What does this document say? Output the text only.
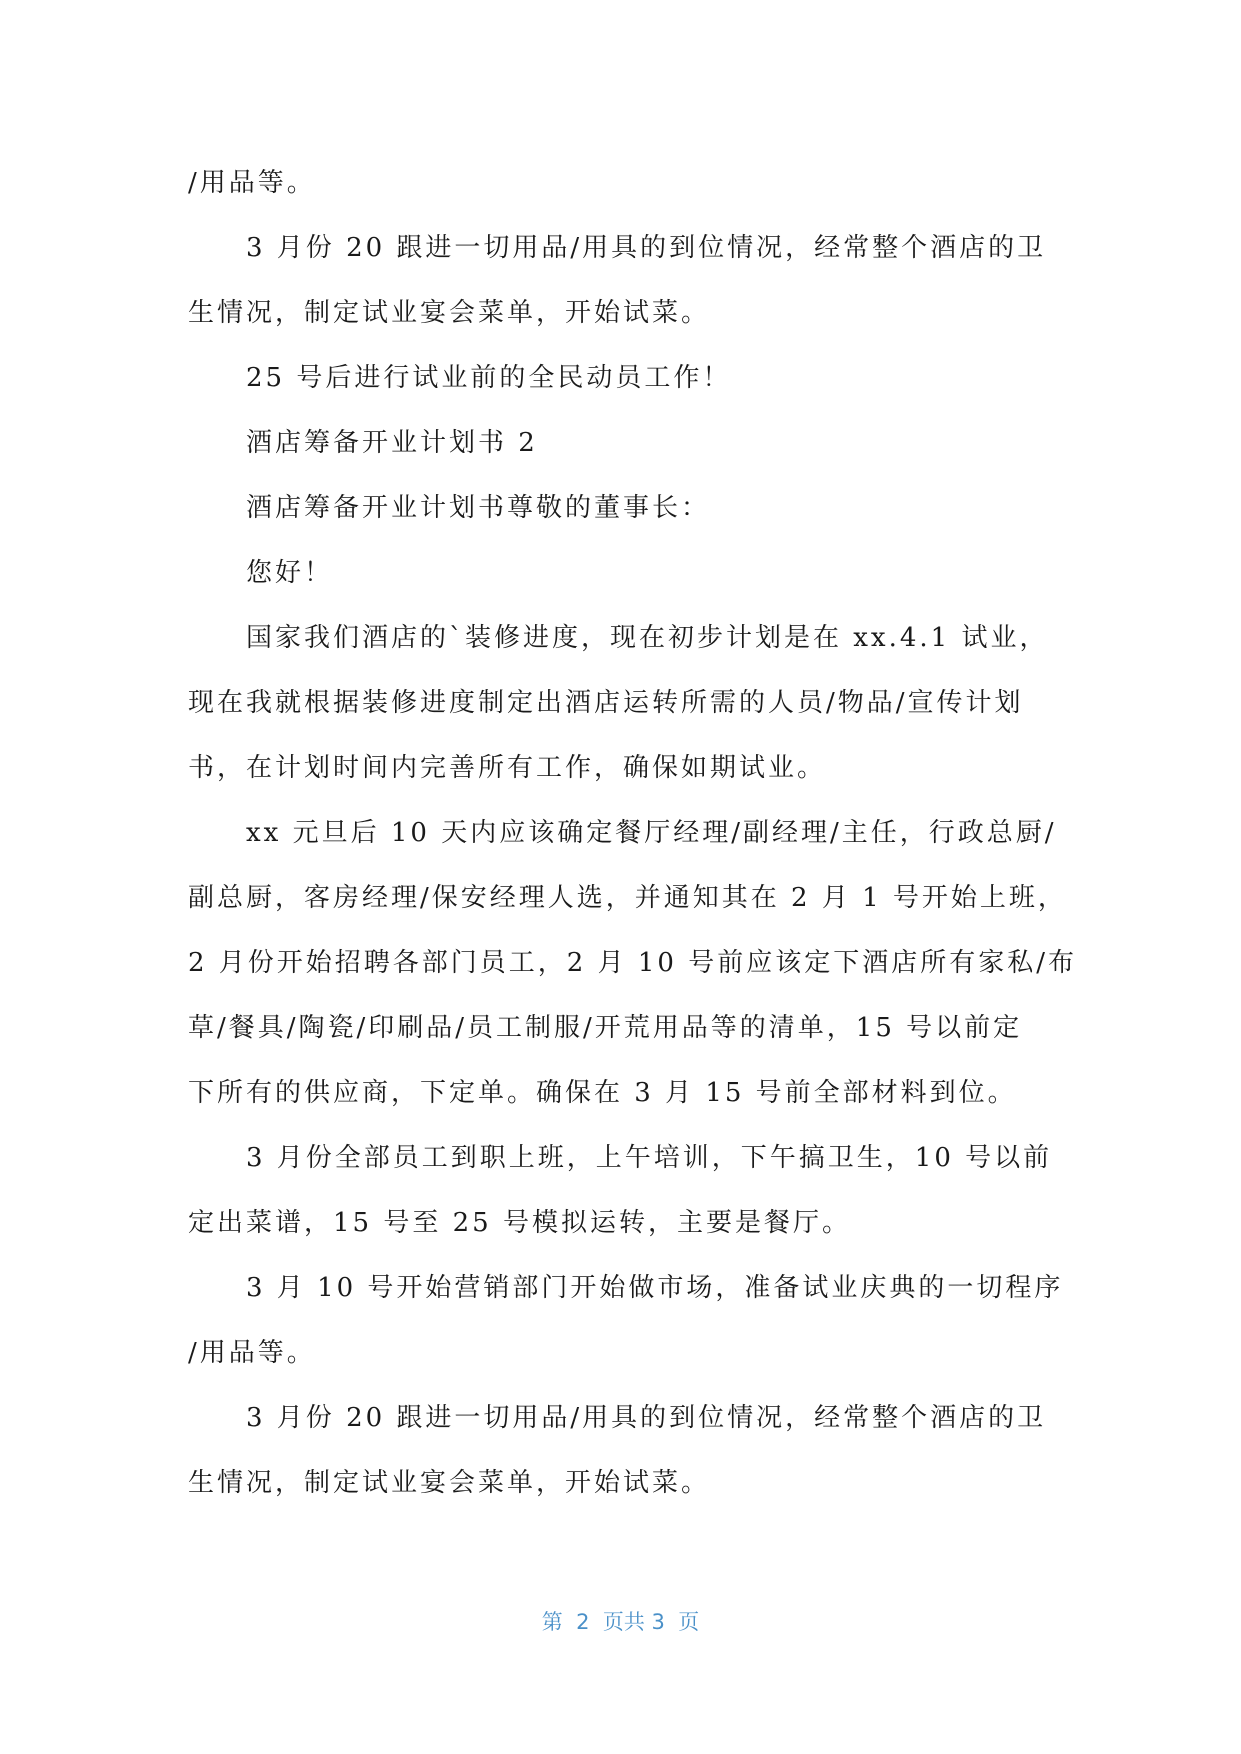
/用品等。
3 月份 20 跟进一切用品/用具的到位情况，经常整个酒店的卫
生情况，制定试业宴会菜单，开始试菜。
25 号后进行试业前的全民动员工作！
酒店筹备开业计划书 2
酒店筹备开业计划书尊敬的董事长：
您好！
国家我们酒店的`装修进度，现在初步计划是在 xx.4.1 试业，
现在我就根据装修进度制定出酒店运转所需的人员/物品/宣传计划
书，在计划时间内完善所有工作，确保如期试业。
xx 元旦后 10 天内应该确定餐厅经理/副经理/主任，行政总厨/
副总厨，客房经理/保安经理人选，并通知其在 2 月 1 号开始上班，
2 月份开始招聘各部门员工，2 月 10 号前应该定下酒店所有家私/布
草/餐具/陶瓷/印刷品/员工制服/开荒用品等的清单，15 号以前定
下所有的供应商，下定单。确保在 3 月 15 号前全部材料到位。
3 月份全部员工到职上班，上午培训，下午搞卫生，10 号以前
定出菜谱，15 号至 25 号模拟运转，主要是餐厅。
3 月 10 号开始营销部门开始做市场，准备试业庆典的一切程序
/用品等。
3 月份 20 跟进一切用品/用具的到位情况，经常整个酒店的卫
生情况，制定试业宴会菜单，开始试菜。
第  2  页共 3  页
